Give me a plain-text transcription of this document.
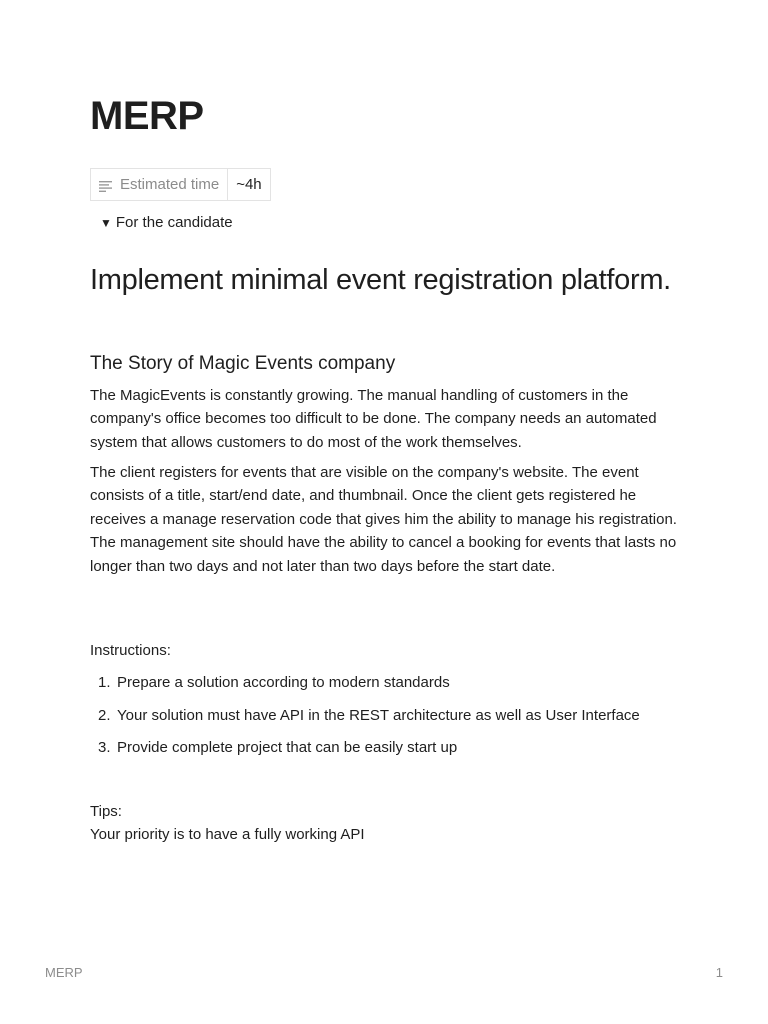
MERP
Estimated time ~4h
▼ For the candidate
Implement minimal event registration platform.
The Story of Magic Events company

The MagicEvents is constantly growing. The manual handling of customers in the company's office becomes too difficult to be done. The company needs an automated system that allows customers to do most of the work themselves.

The client registers for events that are visible on the company's website. The event consists of a title, start/end date, and thumbnail. Once the client gets registered he receives a manage reservation code that gives him the ability to manage his registration. The management site should have the ability to cancel a booking for events that lasts no longer than two days and not later than two days before the start date.

Instructions:

1. Prepare a solution according to modern standards
2. Your solution must have API in the REST architecture as well as User Interface
3. Provide complete project that can be easily start up

Tips:

Your priority is to have a fully working API

MERP	1
